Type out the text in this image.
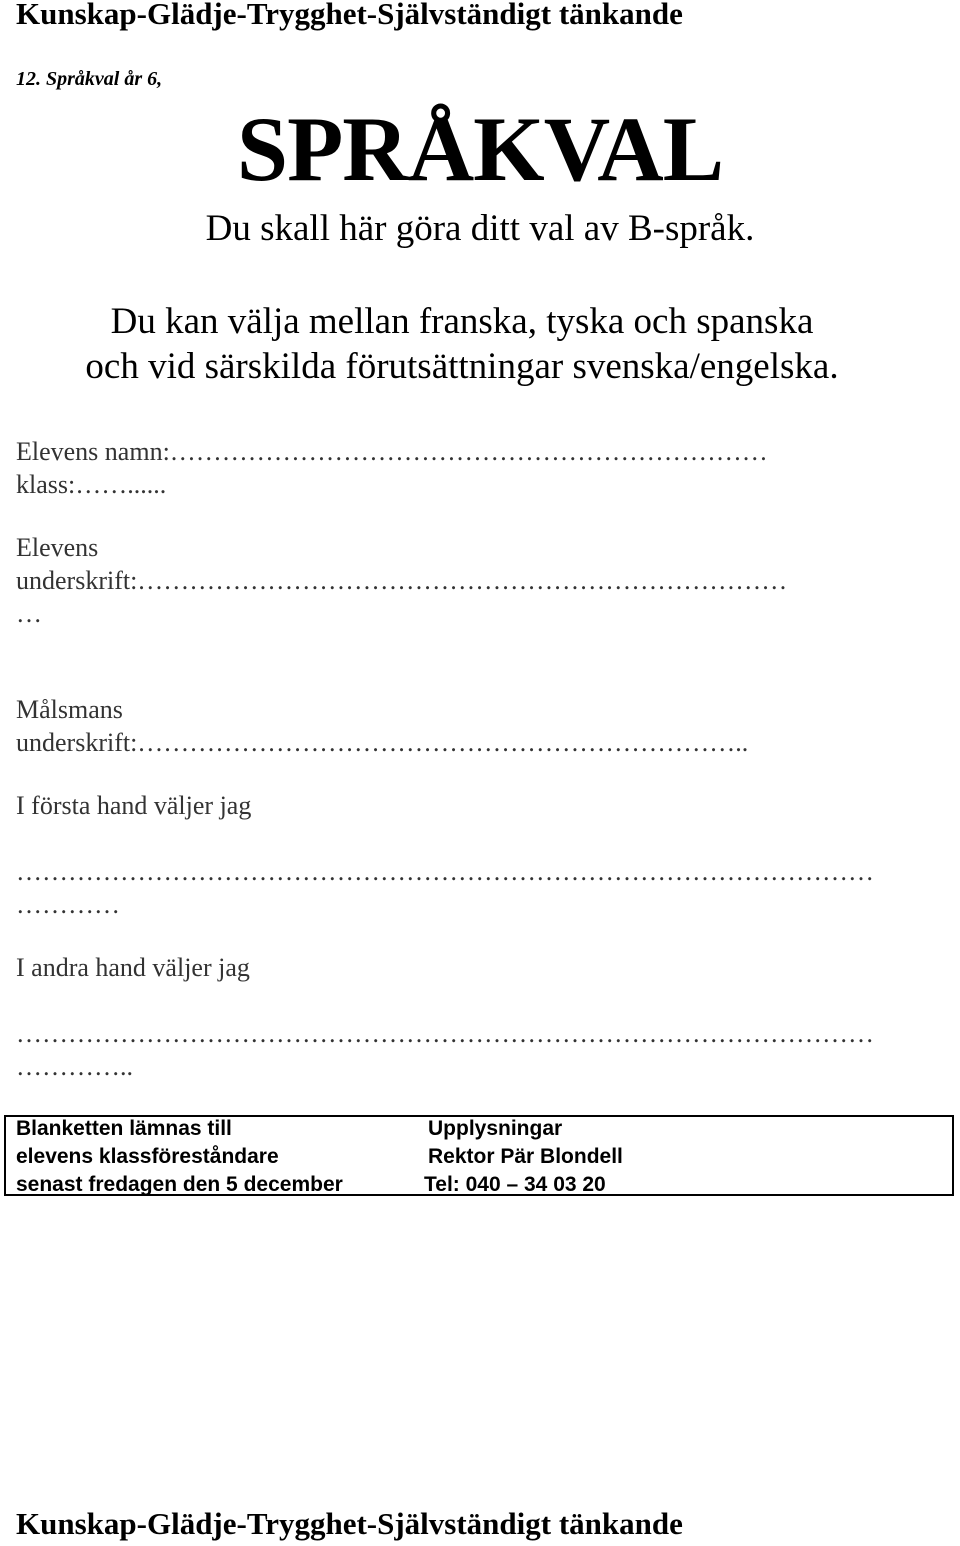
Kunskap-Glädje-Trygghet-Självständigt tänkande
12. Språkval år 6,
SPRÅKVAL
Du skall här göra ditt val av B-språk.
Du kan välja mellan franska, tyska och spanska
och vid särskilda förutsättningar svenska/engelska.
Elevens namn:……………………………………………………………
klass:……......
Elevens
underskrift:…………………………………………………………………
…
Målsmans
underskrift:……………………………………………………………..
I första hand väljer jag
………………………………………………………………………………………
…………
I andra hand väljer jag
………………………………………………………………………………………
…………..
Blanketten lämnas till
elevens klassföreståndare
senast fredagen den 5 december
Upplysningar
Rektor Pär Blondell
Tel: 040 – 34 03 20
Kunskap-Glädje-Trygghet-Självständigt tänkande
